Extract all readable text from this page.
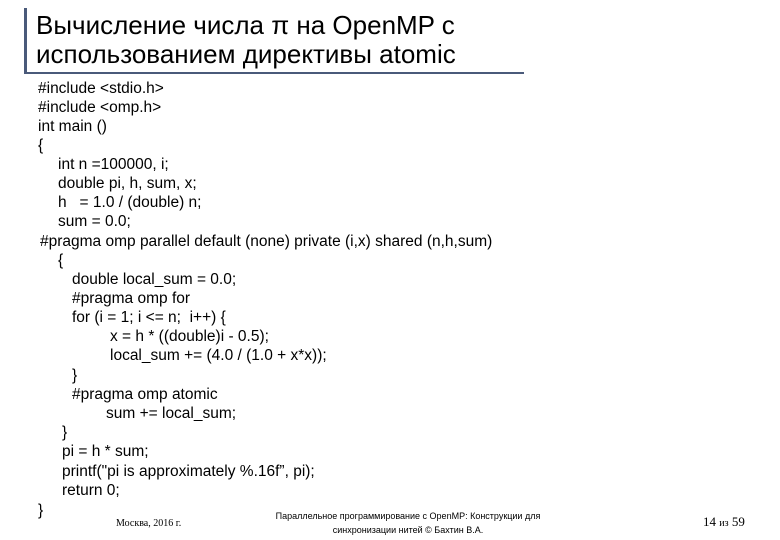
Вычисление числа π на OpenMP с
использованием директивы atomic
#include <stdio.h>
#include <omp.h>
int main ()
{
int n =100000, i;
double pi, h, sum, x;
h   = 1.0 / (double) n;
sum = 0.0;
#pragma omp parallel default (none) private (i,x) shared (n,h,sum)
{
double local_sum = 0.0;
#pragma omp for
for (i = 1; i <= n;  i++) {
x = h * ((double)i - 0.5);
local_sum += (4.0 / (1.0 + x*x));
}
#pragma omp atomic
sum += local_sum;
}
pi = h * sum;
printf("pi is approximately %.16f”, pi);
return 0;
}
Москва, 2016 г.
Параллельное программирование с OpenMP: Конструкции для
синхронизации нитей © Бахтин В.А.
14 из 59
